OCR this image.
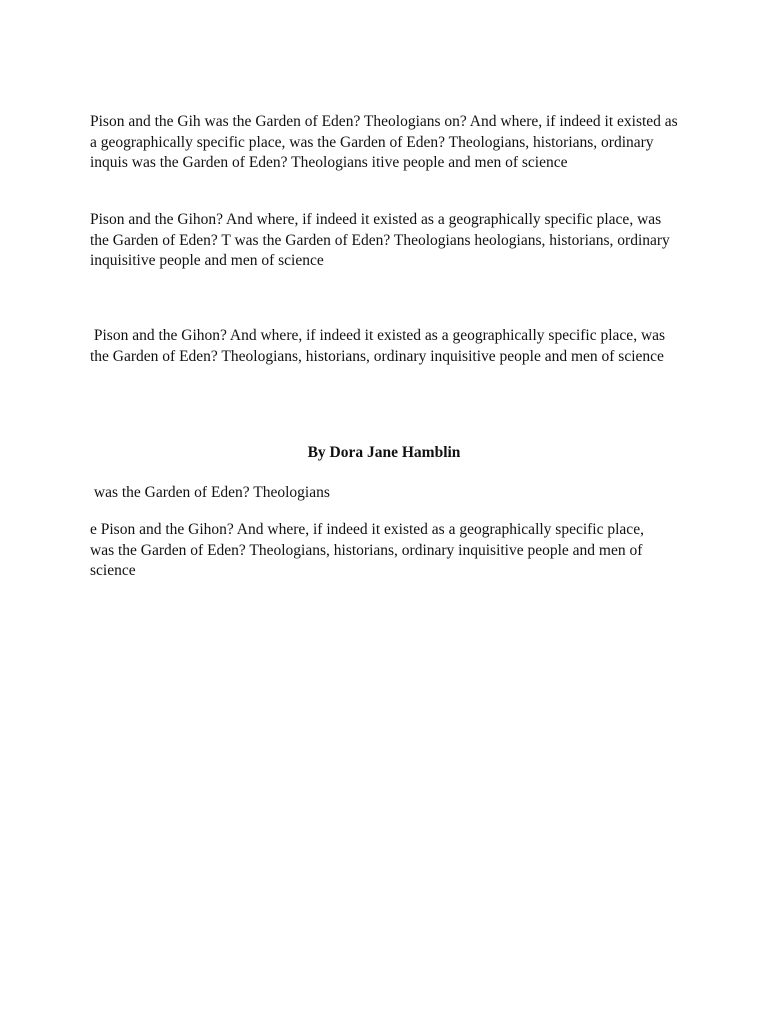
Pison and the Gih was the Garden of Eden? Theologians on? And where, if indeed it existed as a geographically specific place, was the Garden of Eden? Theologians, historians, ordinary inquis was the Garden of Eden? Theologians itive people and men of science

Pison and the Gihon? And where, if indeed it existed as a geographically specific place, was the Garden of Eden? T was the Garden of Eden? Theologians heologians, historians, ordinary inquisitive people and men of science

Pison and the Gihon? And where, if indeed it existed as a geographically specific place, was the Garden of Eden? Theologians, historians, ordinary inquisitive people and men of science

By Dora Jane Hamblin

was the Garden of Eden? Theologians

e Pison and the Gihon? And where, if indeed it existed as a geographically specific place, was the Garden of Eden? Theologians, historians, ordinary inquisitive people and men of science
